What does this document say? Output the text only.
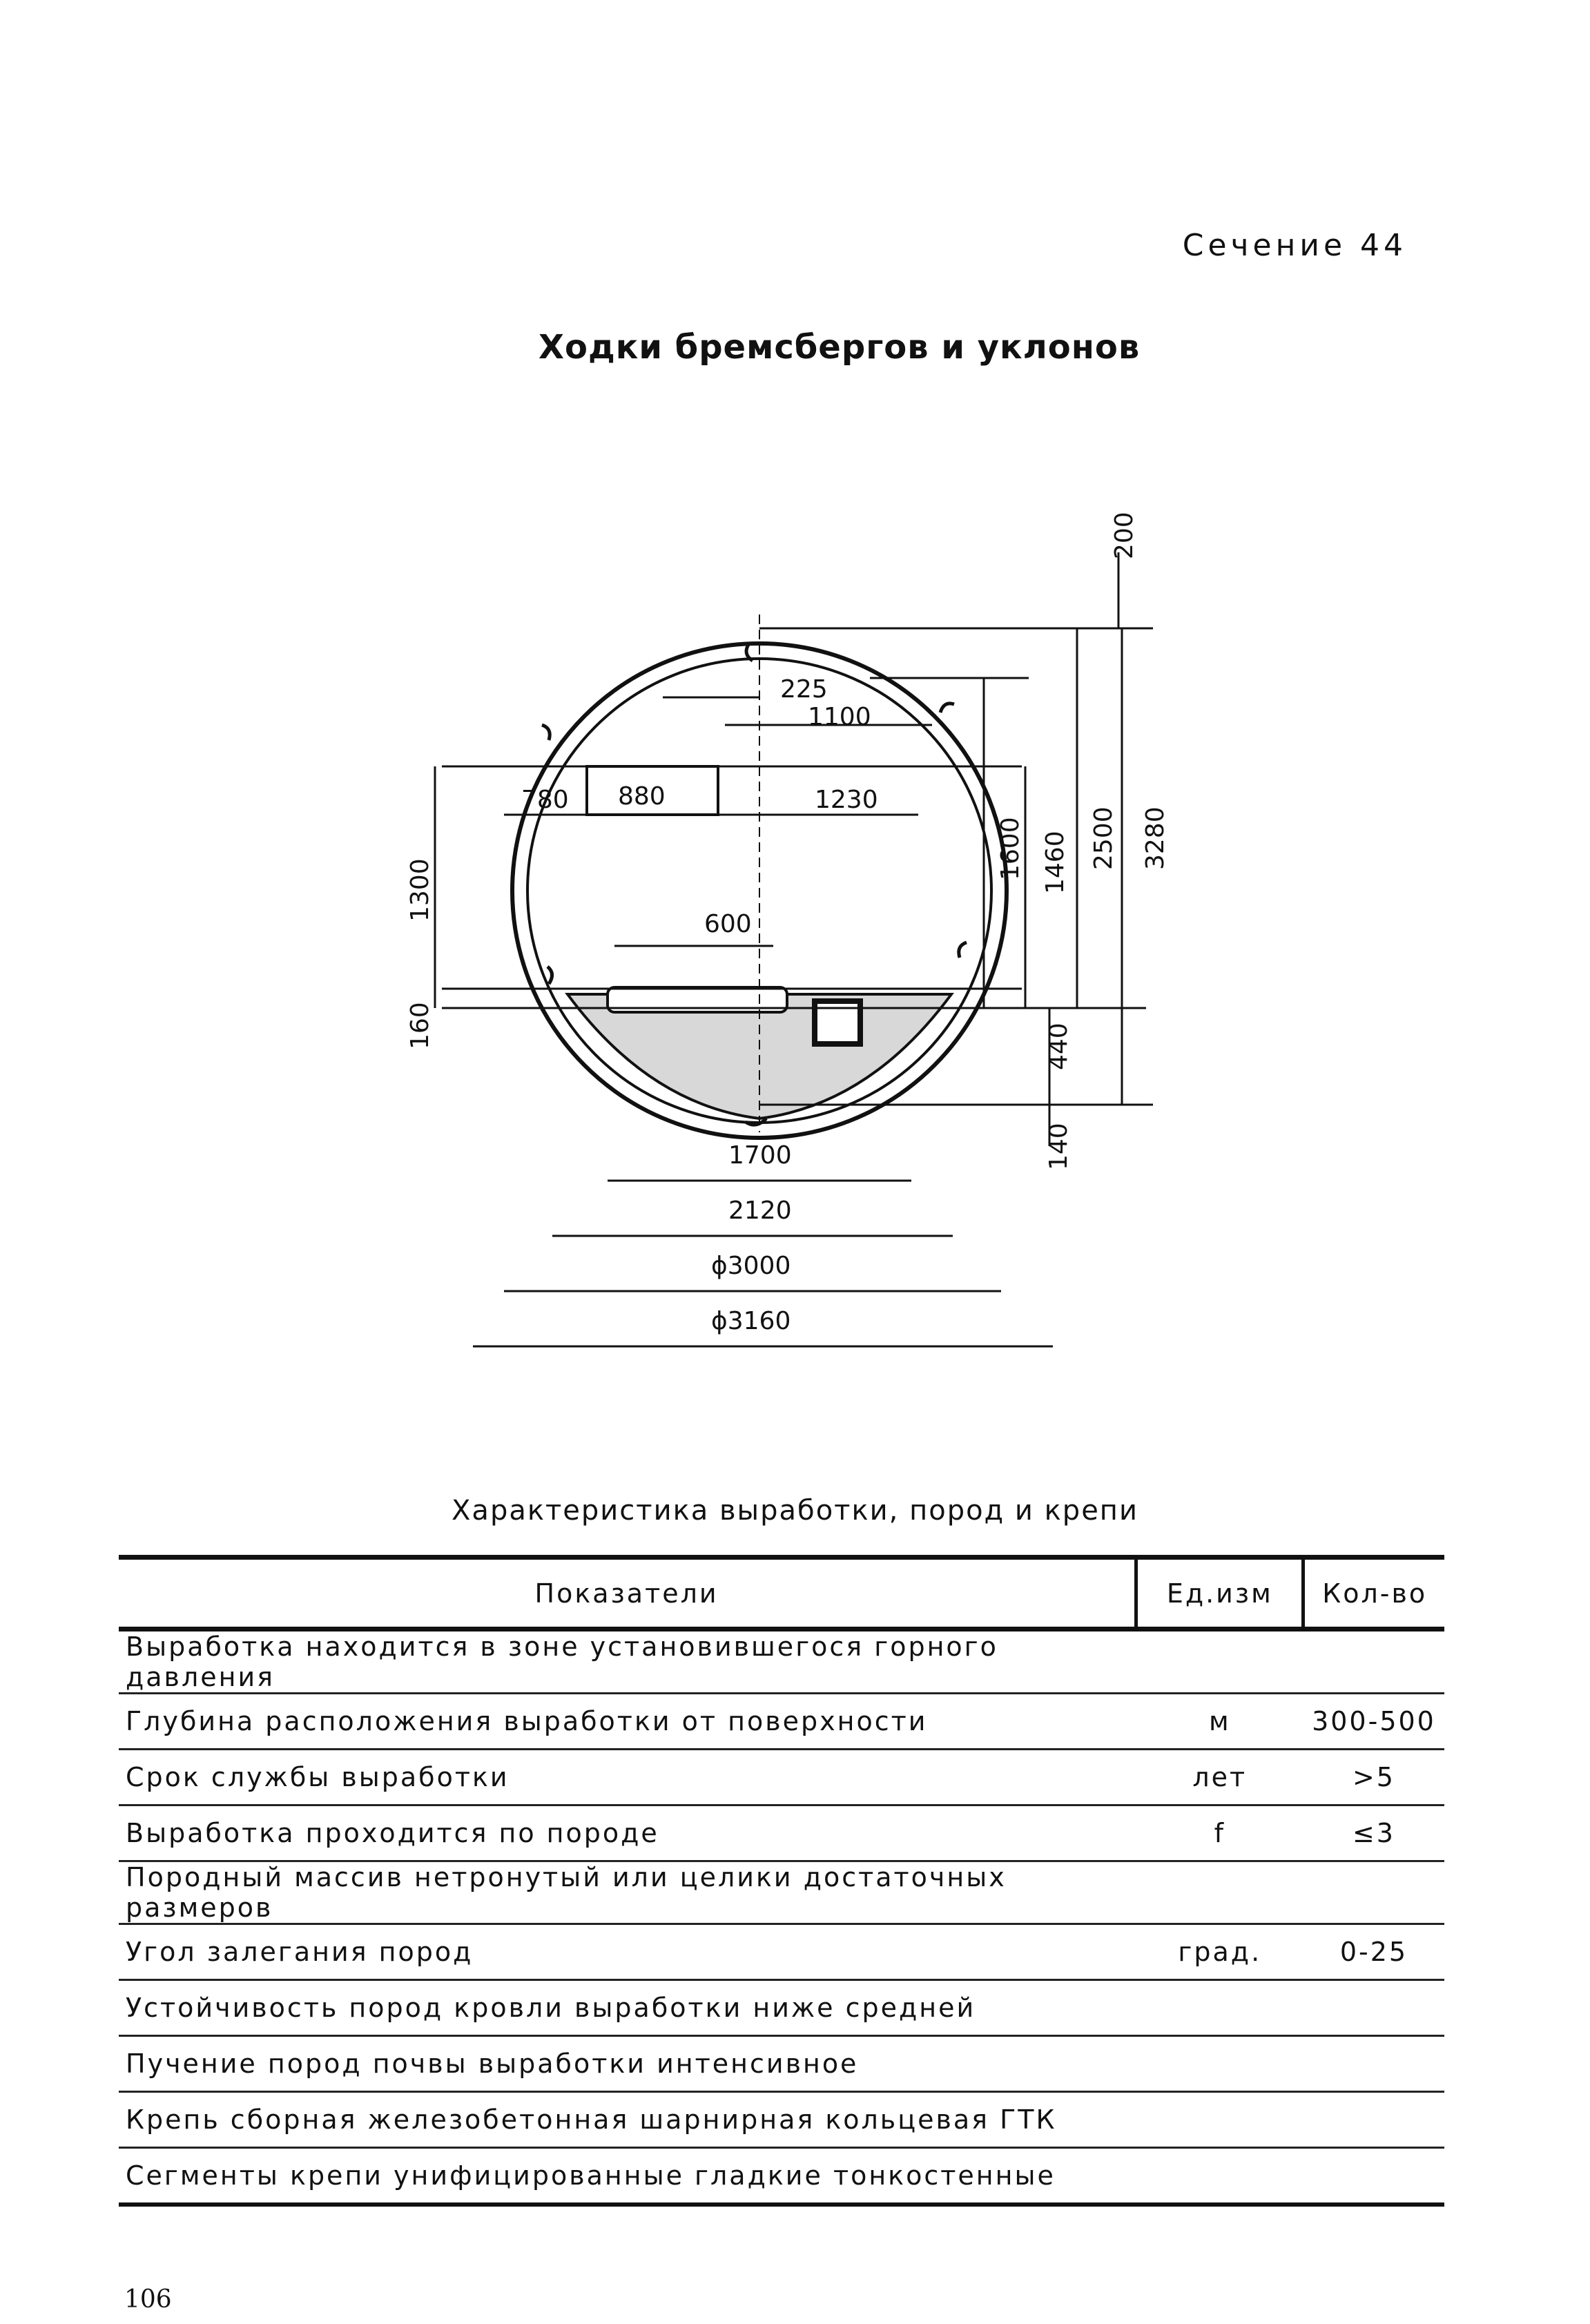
Сечение 44
Ходки бремсбергов и уклонов
200
3280
2500
225
1100
780 880	1230
1600 1460
1300
600
160	440
140
1700
2120
ϕ3000
ϕ3160
Характеристика выработки, пород и крепи
Показатели	Ед.изм	Кол-во
Выработка находится в зоне установившегося горного давления		
Глубина расположения выработки от поверхности	м	300-500
Срок службы выработки	лет	>5
Выработка проходится по породе	f	≤3
Породный массив нетронутый или целики достаточных размеров		
Угол залегания пород	град.	0-25
Устойчивость пород кровли выработки ниже средней		
Пучение пород почвы выработки интенсивное		
Крепь сборная железобетонная шарнирная кольцевая ГТК		
Сегменты крепи унифицированные гладкие тонкостенные		
106
